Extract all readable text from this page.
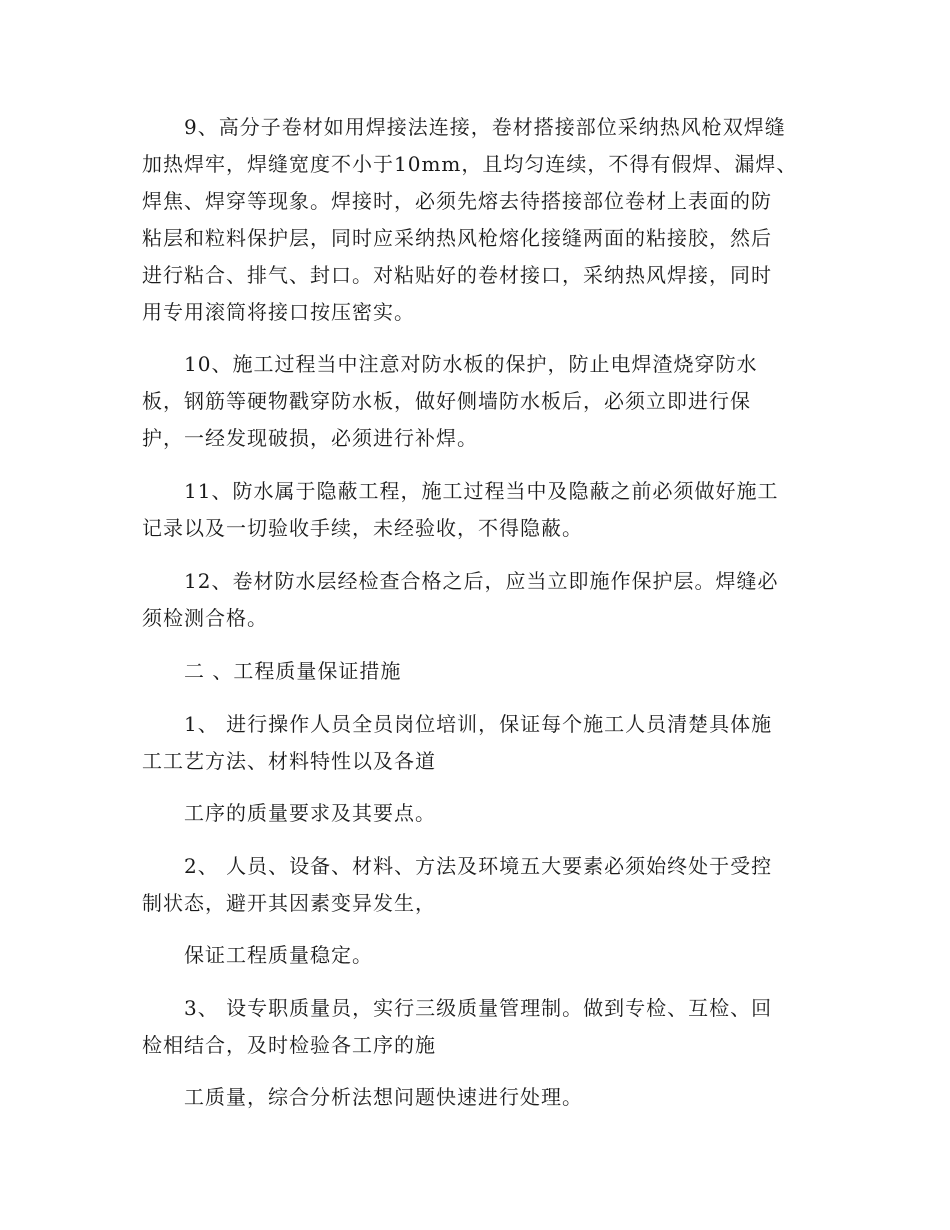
9、高分子卷材如用焊接法连接，卷材搭接部位采纳热风枪双焊缝

加热焊牢，焊缝宽度不小于10mm，且均匀连续，不得有假焊、漏焊、

焊焦、焊穿等现象。焊接时，必须先熔去待搭接部位卷材上表面的防

粘层和粒料保护层，同时应采纳热风枪熔化接缝两面的粘接胶，然后

进行粘合、排气、封口。对粘贴好的卷材接口，采纳热风焊接，同时

用专用滚筒将接口按压密实。

10、施工过程当中注意对防水板的保护，防止电焊渣烧穿防水

板，钢筋等硬物戳穿防水板，做好侧墙防水板后，必须立即进行保

护，一经发现破损，必须进行补焊。

11、防水属于隐蔽工程，施工过程当中及隐蔽之前必须做好施工

记录以及一切验收手续，未经验收，不得隐蔽。

12、卷材防水层经检查合格之后，应当立即施作保护层。焊缝必

须检测合格。

二 、工程质量保证措施

1、 进行操作人员全员岗位培训，保证每个施工人员清楚具体施

工工艺方法、材料特性以及各道

工序的质量要求及其要点。

2、 人员、设备、材料、方法及环境五大要素必须始终处于受控

制状态，避开其因素变异发生，

保证工程质量稳定。

3、 设专职质量员，实行三级质量管理制。做到专检、互检、回

检相结合，及时检验各工序的施

工质量，综合分析法想问题快速进行处理。
